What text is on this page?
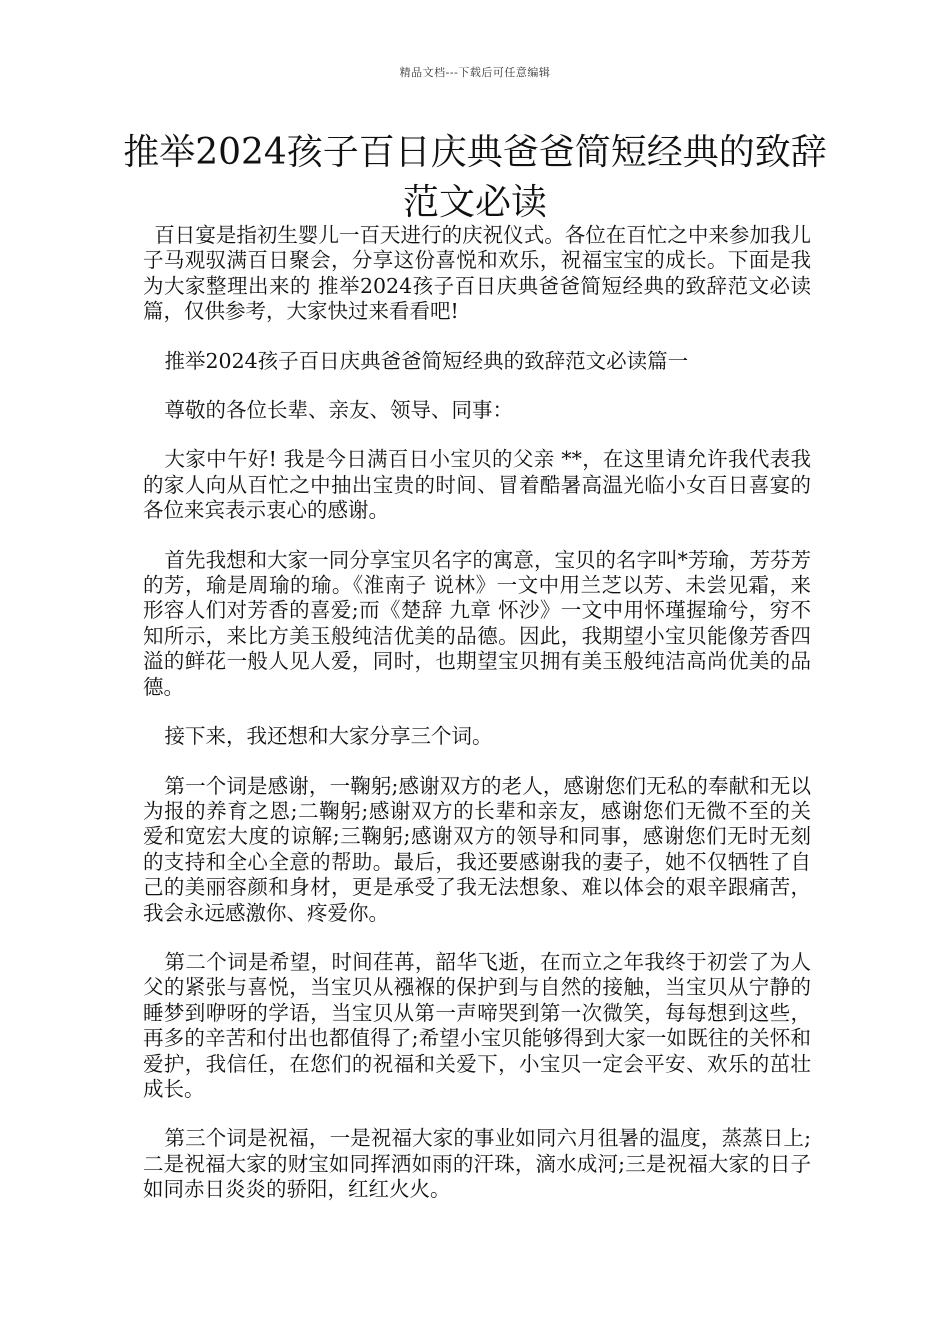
精品文档---下载后可任意编辑
推举2024孩子百日庆典爸爸简短经典的致辞范文必读

百日宴是指初生婴儿一百天进行的庆祝仪式。各位在百忙之中来参加我儿子马观驭满百日聚会，分享这份喜悦和欢乐，祝福宝宝的成长。下面是我为大家整理出来的 推举2024孩子百日庆典爸爸简短经典的致辞范文必读篇，仅供参考，大家快过来看看吧!

推举2024孩子百日庆典爸爸简短经典的致辞范文必读篇一

尊敬的各位长辈、亲友、领导、同事：

大家中午好! 我是今日满百日小宝贝的父亲 **，在这里请允许我代表我的家人向从百忙之中抽出宝贵的时间、冒着酷暑高温光临小女百日喜宴的各位来宾表示衷心的感谢。

首先我想和大家一同分享宝贝名字的寓意，宝贝的名字叫*芳瑜，芳芬芳的芳，瑜是周瑜的瑜。《淮南子 说林》一文中用兰芝以芳、未尝见霜，来形容人们对芳香的喜爱;而《楚辞 九章 怀沙》一文中用怀瑾握瑜兮，穷不知所示，来比方美玉般纯洁优美的品德。因此，我期望小宝贝能像芳香四溢的鲜花一般人见人爱，同时，也期望宝贝拥有美玉般纯洁高尚优美的品德。

接下来，我还想和大家分享三个词。

第一个词是感谢，一鞠躬;感谢双方的老人，感谢您们无私的奉献和无以为报的养育之恩;二鞠躬;感谢双方的长辈和亲友，感谢您们无微不至的关爱和宽宏大度的谅解;三鞠躬;感谢双方的领导和同事，感谢您们无时无刻的支持和全心全意的帮助。最后，我还要感谢我的妻子，她不仅牺牲了自己的美丽容颜和身材，更是承受了我无法想象、难以体会的艰辛跟痛苦，我会永远感激你、疼爱你。

第二个词是希望，时间荏苒，韶华飞逝，在而立之年我终于初尝了为人父的紧张与喜悦，当宝贝从襁褓的保护到与自然的接触，当宝贝从宁静的睡梦到咿呀的学语，当宝贝从第一声啼哭到第一次微笑，每每想到这些，再多的辛苦和付出也都值得了;希望小宝贝能够得到大家一如既往的关怀和爱护，我信任，在您们的祝福和关爱下，小宝贝一定会平安、欢乐的茁壮成长。

第三个词是祝福，一是祝福大家的事业如同六月徂暑的温度，蒸蒸日上;二是祝福大家的财宝如同挥洒如雨的汗珠，滴水成河;三是祝福大家的日子如同赤日炎炎的骄阳，红红火火。
